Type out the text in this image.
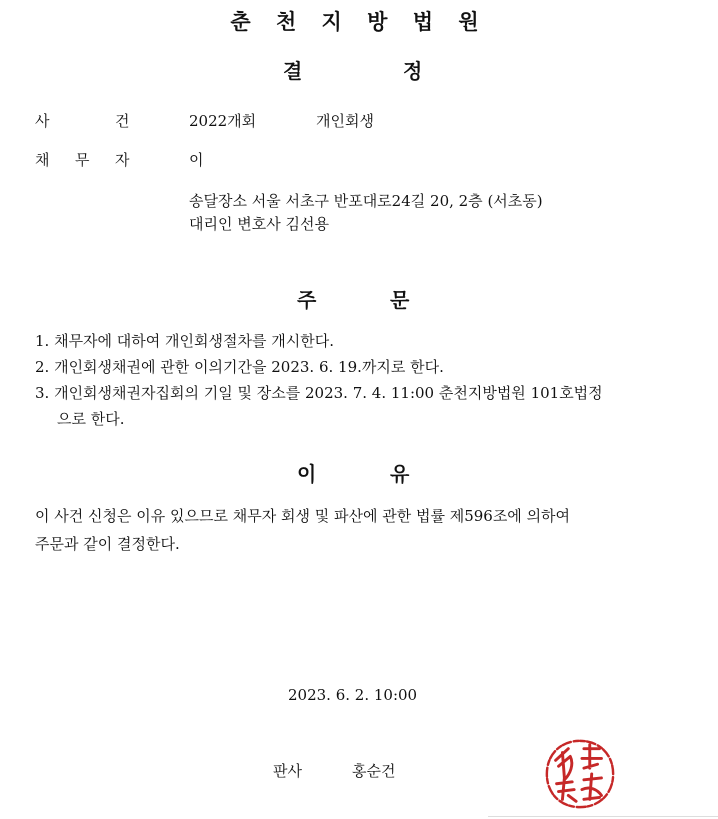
춘 천 지 방 법 원
결	정
사	건	2022개회	개인회생
채 무 자	이
송달장소 서울 서초구 반포대로24길 20, 2층 (서초동)
대리인 변호사 김선용
주	문
1. 채무자에 대하여 개인회생절차를 개시한다.
2. 개인회생채권에 관한 이의기간을 2023. 6. 19.까지로 한다.
3. 개인회생채권자집회의 기일 및 장소를 2023. 7. 4. 11:00 춘천지방법원 101호법정
으로 한다.
이	유
이 사건 신청은 이유 있으므로 채무자 회생 및 파산에 관한 법률 제596조에 의하여
주문과 같이 결정한다.
2023. 6. 2. 10:00
판사	홍순건
